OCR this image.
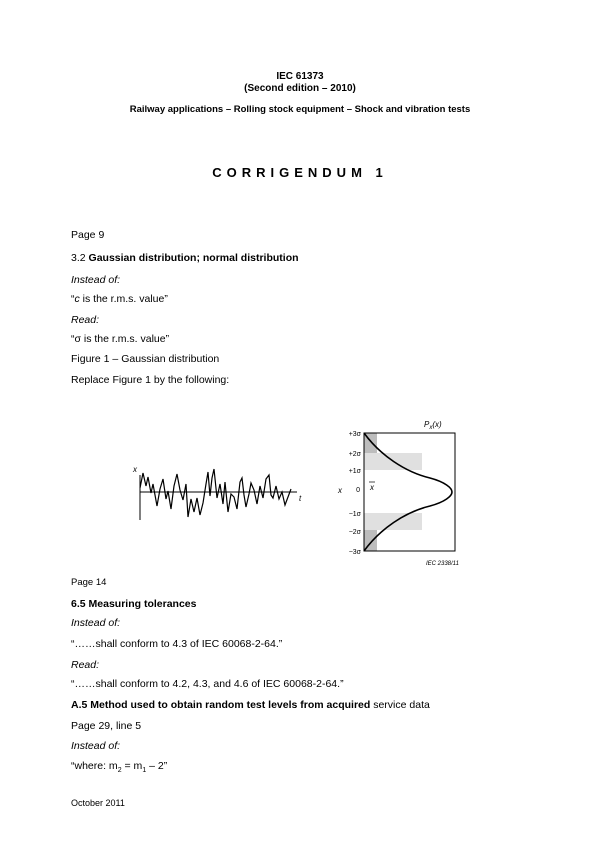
IEC 61373
(Second edition – 2010)
Railway applications – Rolling stock equipment – Shock and vibration tests
CORRIGENDUM 1
Page 9
3.2 Gaussian distribution; normal distribution
Instead of:
“c is the r.m.s. value”
Read:
“σ is the r.m.s. value”
Figure 1 – Gaussian distribution
Replace Figure 1 by the following:
x
t
$P_x(x)$
x	x
+3σ
+2σ
+1σ
0
−1σ
−2σ
−3σ
IEC 2338/11
Page 14
6.5 Measuring tolerances
Instead of:
“……shall conform to 4.3 of IEC 60068-2-64.”
Read:
“……shall conform to 4.2, 4.3, and 4.6 of IEC 60068-2-64.”
A.5 Method used to obtain random test levels from acquired service data
Page 29, line 5
Instead of:
“where: $m_2 = m_1 - 2$”
October 2011
